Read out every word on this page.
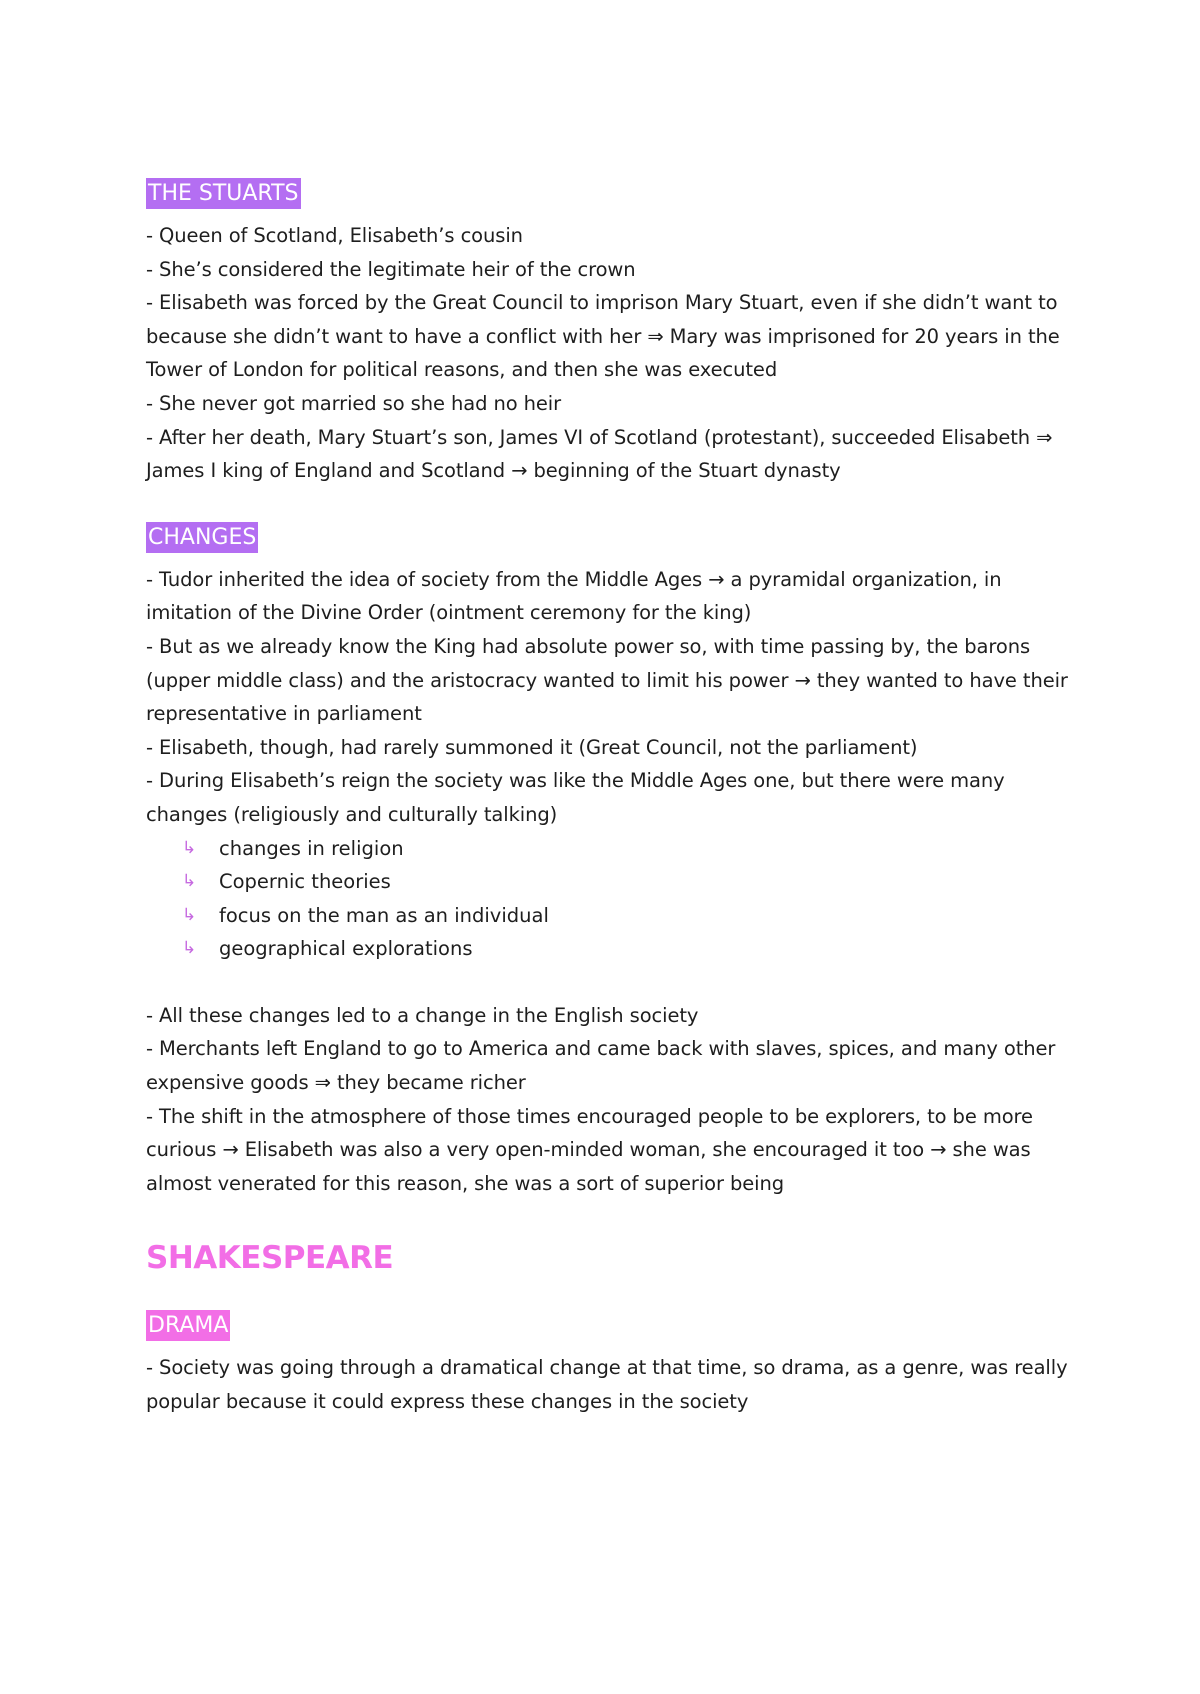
THE STUARTS
- Queen of Scotland, Elisabeth’s cousin
- She’s considered the legitimate heir of the crown
- Elisabeth was forced by the Great Council to imprison Mary Stuart, even if she didn’t want to
because she didn’t want to have a conflict with her ⇒ Mary was imprisoned for 20 years in the
Tower of London for political reasons, and then she was executed
- She never got married so she had no heir
- After her death, Mary Stuart’s son, James VI of Scotland (protestant), succeeded Elisabeth ⇒
James I king of England and Scotland → beginning of the Stuart dynasty
CHANGES
- Tudor inherited the idea of society from the Middle Ages → a pyramidal organization, in
imitation of the Divine Order (ointment ceremony for the king)
- But as we already know the King had absolute power so, with time passing by, the barons
(upper middle class) and the aristocracy wanted to limit his power → they wanted to have their
representative in parliament
- Elisabeth, though, had rarely summoned it (Great Council, not the parliament)
- During Elisabeth’s reign the society was like the Middle Ages one, but there were many
changes (religiously and culturally talking)
↳ changes in religion
↳ Copernic theories
↳ focus on the man as an individual
↳ geographical explorations
- All these changes led to a change in the English society
- Merchants left England to go to America and came back with slaves, spices, and many other
expensive goods ⇒ they became richer
- The shift in the atmosphere of those times encouraged people to be explorers, to be more
curious → Elisabeth was also a very open-minded woman, she encouraged it too → she was
almost venerated for this reason, she was a sort of superior being
SHAKESPEARE
DRAMA
- Society was going through a dramatical change at that time, so drama, as a genre, was really
popular because it could express these changes in the society
